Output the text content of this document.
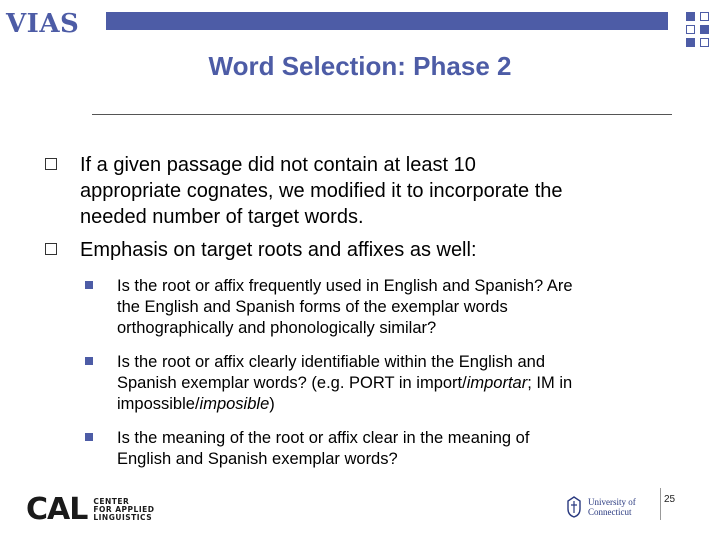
VIAS
Word Selection: Phase 2
If a given passage did not contain at least 10
appropriate cognates, we modified it to incorporate the
needed number of target words.
Emphasis on target roots and affixes as well:
Is the root or affix frequently used in English and Spanish? Are
the English and Spanish forms of the exemplar words
orthographically and phonologically similar?
Is the root or affix clearly identifiable within the English and
Spanish exemplar words? (e.g. PORT in import/importar; IM in
impossible/imposible)
Is the meaning of the root or affix clear in the meaning of
English and Spanish exemplar words?
CAL CENTER
FOR APPLIED
LINGUISTICS
University of
Connecticut
25
